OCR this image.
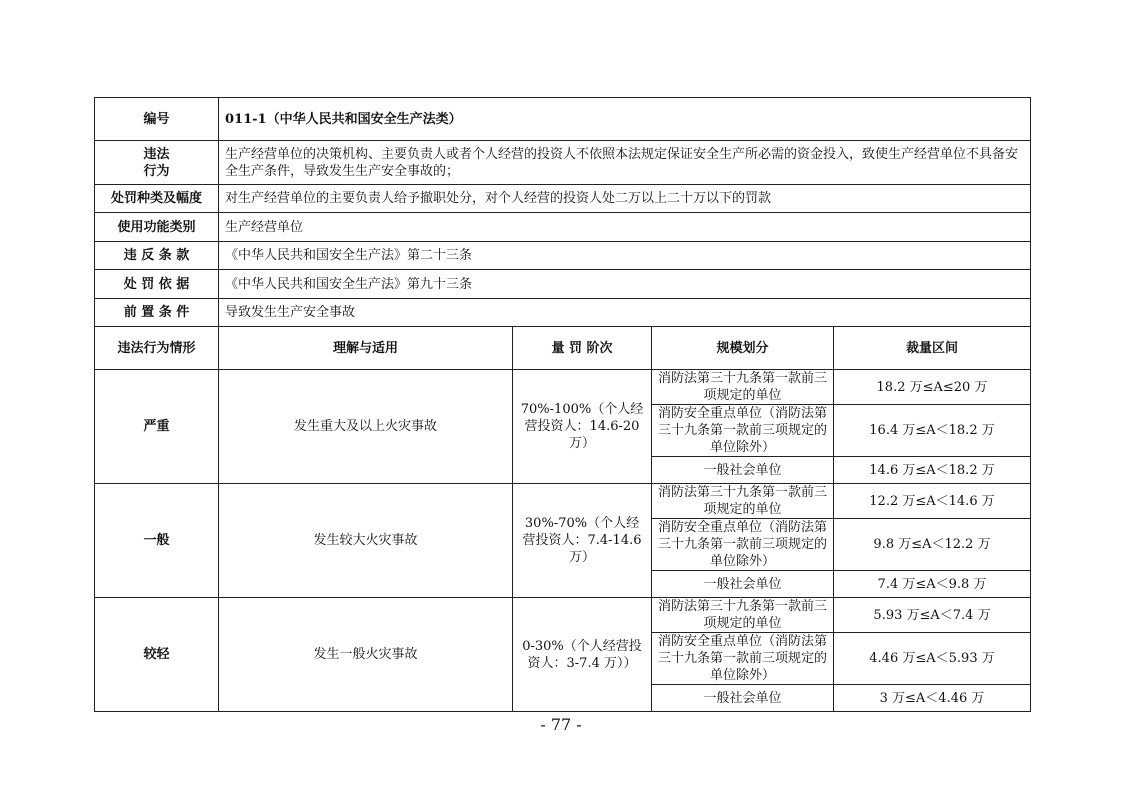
编号	011-1（中华人民共和国安全生产法类）			

违法
行为	生产经营单位的决策机构、主要负责人或者个人经营的投资人不依照本法规定保证安全生产所必需的资金投入，致使生产经营单位不具备安全生产条件，导致发生生产安全事故的；			
处罚种类及幅度	对生产经营单位的主要负责人给予撤职处分，对个人经营的投资人处二万以上二十万以下的罚款			
使用功能类别	生产经营单位			
违 反 条 款	《中华人民共和国安全生产法》第二十三条			
处 罚 依 据	《中华人民共和国安全生产法》第九十三条			
前 置 条 件	导致发生生产安全事故			
违法行为情形	理解与适用	量 罚 阶次	规模划分	裁量区间
严重	发生重大及以上火灾事故	70%-100%（个人经营投资人：14.6-20万）	消防法第三十九条第一款前三项规定的单位	18.2 万≤A≤20 万
			消防安全重点单位（消防法第三十九条第一款前三项规定的单位除外）	16.4 万≤A＜18.2 万
			一般社会单位	14.6 万≤A＜18.2 万
一般	发生较大火灾事故	30%-70%（个人经营投资人：7.4-14.6 万）	消防法第三十九条第一款前三项规定的单位	12.2 万≤A＜14.6 万
			消防安全重点单位（消防法第三十九条第一款前三项规定的单位除外）	9.8 万≤A＜12.2 万
			一般社会单位	7.4 万≤A＜9.8 万
较轻	发生一般火灾事故	0-30%（个人经营投资人：3-7.4 万））	消防法第三十九条第一款前三项规定的单位	5.93 万≤A＜7.4 万
			消防安全重点单位（消防法第三十九条第一款前三项规定的单位除外）	4.46 万≤A＜5.93 万
			一般社会单位	3 万≤A＜4.46 万
- 77 -
